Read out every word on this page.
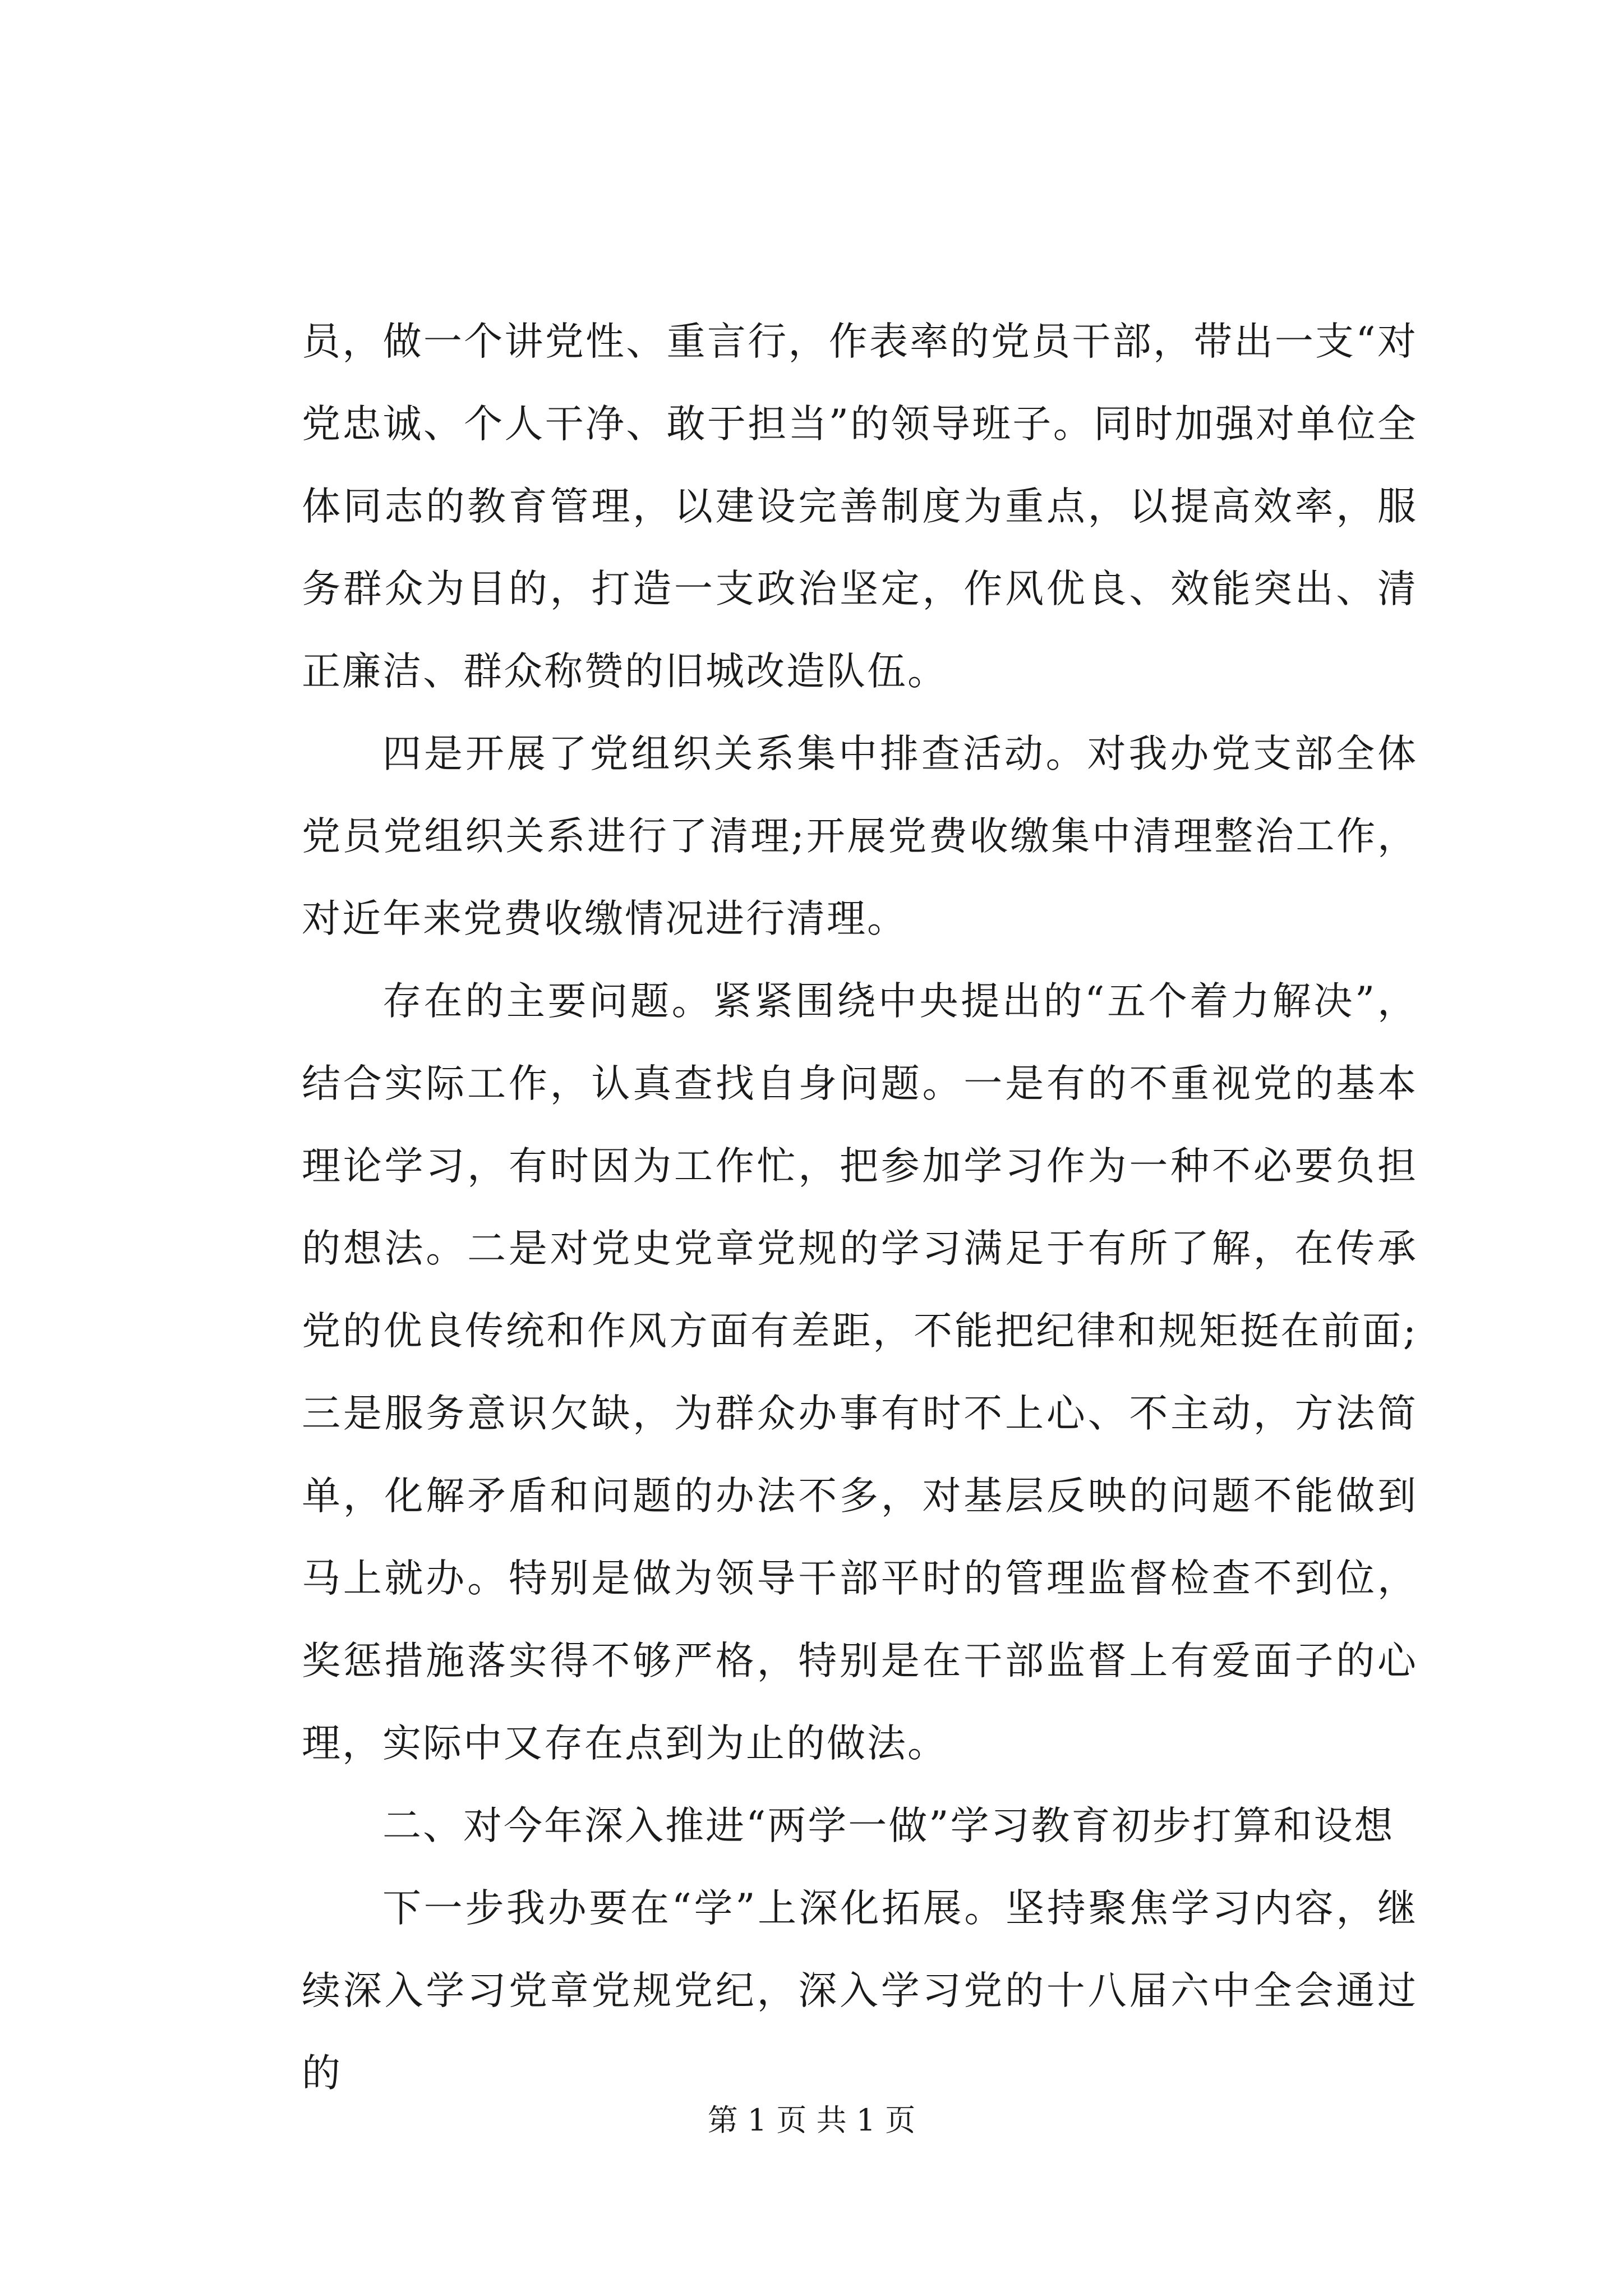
员，做一个讲党性、重言行，作表率的党员干部，带出一支“对党忠诚、个人干净、敢于担当”的领导班子。同时加强对单位全体同志的教育管理，以建设完善制度为重点，以提高效率，服务群众为目的，打造一支政治坚定，作风优良、效能突出、清正廉洁、群众称赞的旧城改造队伍。

四是开展了党组织关系集中排查活动。对我办党支部全体党员党组织关系进行了清理;开展党费收缴集中清理整治工作，对近年来党费收缴情况进行清理。

存在的主要问题。紧紧围绕中央提出的“五个着力解决”，结合实际工作，认真查找自身问题。一是有的不重视党的基本理论学习，有时因为工作忙，把参加学习作为一种不必要负担的想法。二是对党史党章党规的学习满足于有所了解，在传承党的优良传统和作风方面有差距，不能把纪律和规矩挺在前面;三是服务意识欠缺，为群众办事有时不上心、不主动，方法简单，化解矛盾和问题的办法不多，对基层反映的问题不能做到马上就办。特别是做为领导干部平时的管理监督检查不到位，奖惩措施落实得不够严格，特别是在干部监督上有爱面子的心理，实际中又存在点到为止的做法。

二、对今年深入推进“两学一做”学习教育初步打算和设想

下一步我办要在“学”上深化拓展。坚持聚焦学习内容，继续深入学习党章党规党纪，深入学习党的十八届六中全会通过的

第 1 页 共 1 页
